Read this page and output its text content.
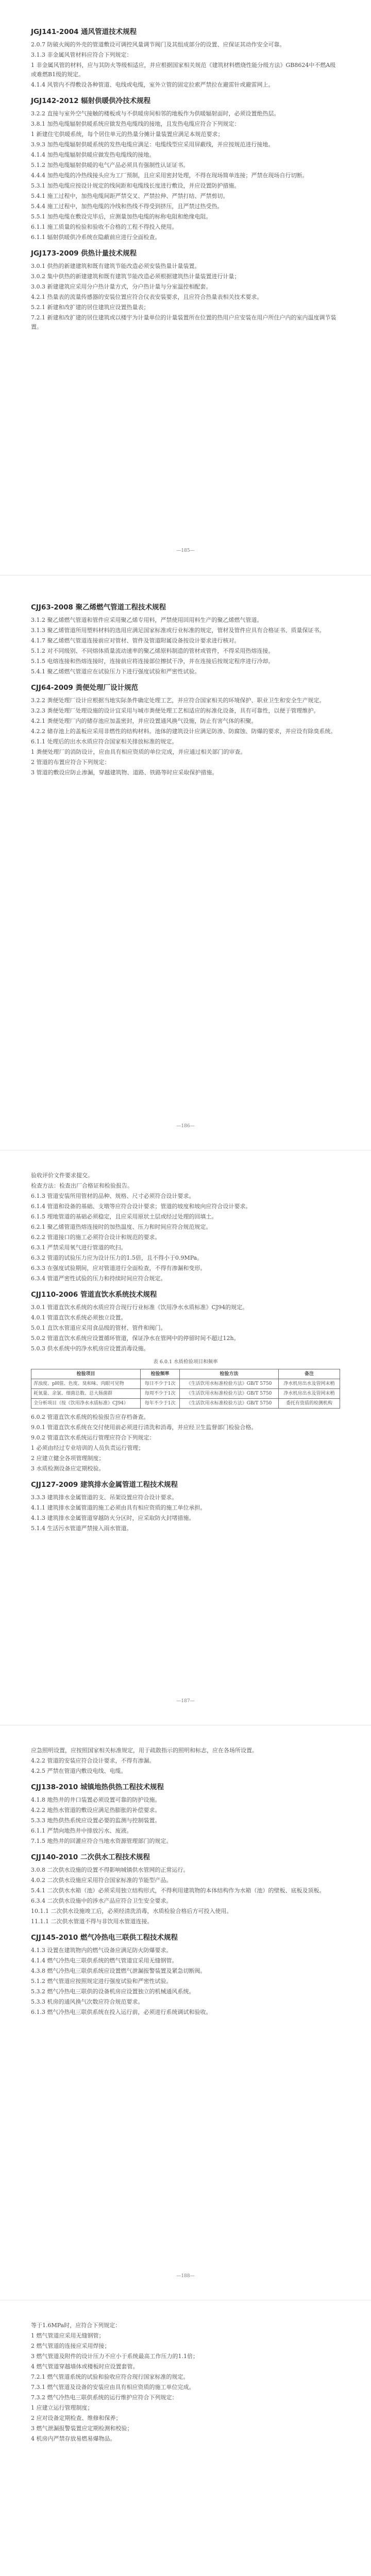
JGJ141-2004 通风管道技术规程

2.0.7 防破火阀的外壳的管道敷设可调控风量调节阀门及其组成部分的设置、应保证其动作安全可靠。

3.1.3 非金属风管材料应符合下列规定：

1 非金属风管的材料，应与其防火等级相适应，并应根据国家相关规范《建筑材料燃烧性能分级方法》GB8624中不燃A级或难燃B1级的规定。

4.1.4 风管内不得敷设各种管道、电线或电缆，室外立管的固定拉索严禁拉在避雷针或避雷网上。

JGJ142-2012 辐射供暖供冷技术规程

3.2.2 直接与室外空气接触的楼板或与不供暖房间相邻的地板作为供暖辐射面时，必须设置绝热层。

3.8.1 加热电缆辐射供暖系统应做发热电缆线的接地，且发热电缆应符合下列规定：

1 新建住宅供暖系统，每个居住单元的热量分摊计量装置应满足本规范要求；

3.9.3 加热电缆辐射供暖系统的发热电缆应满足：电缆线型应采用屏蔽线，并应按规范进行接地。

4.1.4 加热电缆辐射供暖应做发热电缆线的接地。

5.1.2 加热电缆辐射供暖的电气产品必须具有强制性认证证书。

4.4.4 加热电缆的冷热线接头应为工厂预制，且应采用密封处理，不得在现场简单连接；严禁在现场自行切断。

5.3.1 加热电缆应按设计规定的线间距和电缆线长度进行敷设，并应设置防护措施。

5.4.1 施工过程中，加热电缆间距严禁交叉、严禁拉伸、严禁打结、严禁剪切。

5.4.4 施工过程中，加热电缆的冷线和热线不得受到挤压，且严禁过热受热。

5.5.1 加热电缆在敷设完毕后，应测量加热电缆的标称电阻和绝缘电阻。

6.1.1 施工质量的检验和验收不合格的工程不得投入使用。

6.1.1 辐射供暖供冷系统在隐蔽前应进行全面检查。

JGJ173-2009 供热计量技术规程

3.0.1 供热的新建建筑和既有建筑节能改造必须安装热量计量装置。

3.0.2 集中供热的新建建筑和既有建筑节能改造必须根据建筑热计量装置进行计量；

3.0.3 新建建筑应采用分户热计量方式，分户热计量与分室温控相配套。

4.2.1 热量表的流量传感器的安装位置应符合仪表安装要求，且应符合热量表相关技术要求。

5.2.1 新建和改扩建的居住建筑应设置热量表；

7.2.1 新建和改扩建的居住建筑或以楼宇为计量单位的计量装置所在位置的热用户应安装在用户所住户内的室内温度调节装置。

—185—
CJJ63-2008 聚乙烯燃气管道工程技术规程

3.1.2 聚乙烯燃气管道和管件应采用聚乙烯专用料，严禁使用回用料生产的聚乙烯燃气管道。

3.1.3 聚乙烯管道所用塑料材料的选用应满足国家标准或行业标准的规定，管材及管件应具有合格证书、质量保证书。

4.1.7 聚乙烯燃气管道连接前应对管材、管件及管道附属设备按设计要求进行核对。

5.1.2 对不同级别、不同熔体质量流动速率的聚乙烯原料制造的管材或管件，不得采用热熔连接。

5.1.5 电熔连接和热熔连接时，连接前应将连接部位擦拭干净，并在连接后按规定程序进行冷却。

5.4.1 聚乙烯燃气管道应在试验压力下进行强度试验和严密性试验。

CJJ64-2009 粪便处理厂设计规范

3.2.2 粪便处理厂设计应根据当地实际条件确定处理工艺，并应符合国家相关的环境保护、职业卫生和安全生产规定。

3.2.3 粪便处理厂处理设施的设计宜采用与城市粪便处理工艺相适应的标准化设备，具有可靠性，以便于管理维护。

4.2.1 粪便处理厂内的储存池应加盖密封，并应设置通风换气设施，防止有害气体的积聚。

4.2.2 储存池上的盖板应采用非燃性的结构材料。池体的建筑设计应满足防渗、防腐蚀、防爆的要求，并应设有除臭系统。

6.1.1 处理后的出水水质应符合国家相关排放标准的规定。

1 粪便处理厂的消防设计，应由具有相应资质的单位完成，并应通过相关部门的审查。

2 管道的布置应符合下列规定：

3 管道的敷设应防止渗漏，穿越建筑物、道路、铁路等时应采取保护措施。

—186—

验收评价文件要求提交。

检查方法：检查出厂合格证和检验报告。

6.1.3 管道安装所用管材的品种、规格、尺寸必须符合设计要求。

6.1.4 管道和设备的基础、支墩等应符合设计要求；管道的坡度和坡向应符合设计要求。

6.1.5 埋地管道的基础必须稳定，且应采用原状土层或经过处理的回填土。

6.2.1 聚乙烯管道热熔连接时的加热温度、压力和时间应符合规范规定。

6.2.2 管道接口的施工必须符合设计和规范的要求。

6.3.1 严禁采用氧气进行管道的吹扫。

6.3.2 管道的试验压力应为设计压力的1.5倍，且不得小于0.9MPa。

6.3.3 在强度试验期间，应对管道进行全面检查，不得有渗漏和变形。

6.3.4 管道严密性试验的压力和持续时间应符合规定。

CJJ110-2006 管道直饮水系统技术规程

3.0.1 管道直饮水系统的水质应符合现行行业标准《饮用净水水质标准》CJ94的规定。

4.0.1 管道直饮水系统必须独立设置。

5.0.1 直饮水管道应采用食品级的管材、管件和阀门。

5.0.2 管道直饮水系统应设置循环管道，保证净水在管网中的停留时间不超过12h。

5.0.3 供水系统中的净水机房应设置消毒设施。

表 6.0.1 水质检验项目和频率
检验项目	检验频率	检验方法	备注
浑浊度、pH值、色度、臭和味、肉眼可见物	每日不少于1次	《生活饮用水标准检验方法》GB/T 5750	净水机房出水及管网末梢
耗氧量、余氯、细菌总数、总大肠菌群	每周不少于1次	《生活饮用水标准检验方法》GB/T 5750	净水机房出水及管网末梢
全分析项目（按《饮用净水水质标准》CJ94）	每年不少于1次	《生活饮用水标准检验方法》GB/T 5750	委托有资质的检测机构

6.0.2 管道直饮水系统的检验报告应存档备查。

9.0.1 管道直饮水系统在交付使用前必须进行清洗和消毒，并应经卫生监督部门检验合格。

9.0.2 管道直饮水系统运行管理应符合下列规定：

1 必须由经过专业培训的人员负责运行管理；

2 应建立健全各项管理制度；

3 水质检测设备应定期校验。

CJJ127-2009 建筑排水金属管道工程技术规程

3.3.3 建筑排水金属管道的支、吊架设置应符合设计要求。

4.1.1 建筑排水金属管道的施工必须由具有相应资质的施工单位承担。

4.1.3 建筑排水金属管道穿越防火分区时，应采取防火封堵措施。

5.1.4 生活污水管道严禁接入雨水管道。

—187—

应急照明设置，应按照国家相关标准规定，用于疏散指示的照明和标志，应在各场所设置。

4.2.2 管道的安装应符合设计要求，不得有渗漏。

4.2.5 严禁在管道内敷设电线、电缆。

CJJ138-2010 城镇地热供热工程技术规程

4.1.8 地热井的井口装置必须设置可靠的防护设施。

4.2.2 地热水管道的敷设应满足热膨胀的补偿要求。

5.3.3 地热供热系统应设置必要的监测与控制装置。

6.1.1 严禁向地热井中排放污水、废液。

7.1.5 地热井的回灌应符合当地水资源管理部门的规定。

CJJ140-2010 二次供水工程技术规程

3.0.8 二次供水设施的设置不得影响城镇供水管网的正常运行。

4.0.2 二次供水设施应采用符合国家标准的节能型产品。

5.4.1 二次供水水箱（池）必须采用独立结构形式，不得利用建筑物的本体结构作为水箱（池）的壁板、底板及顶板。

6.3.4 二次供水设施中的涉水产品应符合卫生安全要求。

10.1.1 二次供水设施竣工后，必须经清洗消毒，水质检验合格后方可投入使用。

11.1.1 二次供水管道不得与非饮用水管道连接。

CJJ145-2010 燃气冷热电三联供工程技术规程

4.1.3 设置在建筑物内的燃气设备应满足防火防爆要求。

4.1.4 燃气冷热电三联供系统的燃气管道宜采用无缝钢管。

4.3.8 燃气冷热电三联供系统应设置燃气泄漏报警装置及紧急切断阀。

5.1.2 燃气管道应按照规定进行强度试验和严密性试验。

5.3.2 燃气冷热电三联供的设备机房应设置独立的机械通风系统。

5.3.3 机房的通风换气次数应符合规范要求。

6.1.3 燃气冷热电三联供系统在投入运行前，必须进行系统调试和验收。

—188—

等于1.6MPa时，应符合下列规定：

1 燃气管道应采用无缝钢管；

2 燃气管道的连接应采用焊接；

3 燃气管道及附件的设计压力不应小于系统最高工作压力的1.1倍；

4 燃气管道穿越墙体或楼板时应设置套管。

7.2.1 燃气管道系统的试验和验收应符合现行国家标准的规定。

7.3.1 燃气管道及设备的安装应由具有相应资质的施工单位完成。

7.3.2 燃气冷热电三联供系统的运行维护应符合下列规定：

1 应建立运行管理制度；

2 应对设备定期检查、维修和保养；

3 燃气泄漏报警装置应定期检测和校验；

4 机房内严禁存放易燃易爆物品。
